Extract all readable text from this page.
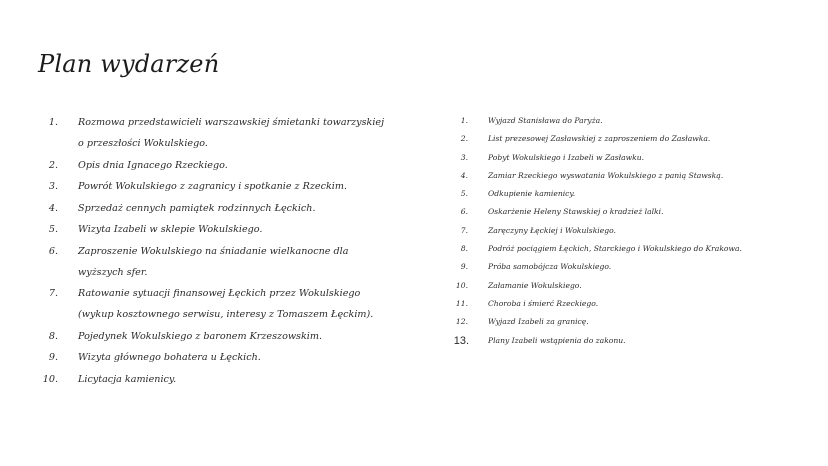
Plan wydarzeń
1.	Rozmowa przedstawicieli warszawskiej śmietanki towarzyskiej o przeszłości Wokulskiego.
2.	Opis dnia Ignacego Rzeckiego.
3.	Powrót Wokulskiego z zagranicy i spotkanie z Rzeckim.
4.	Sprzedaż cennych pamiątek rodzinnych Łęckich.
5.	Wizyta Izabeli w sklepie Wokulskiego.
6.	Zaproszenie Wokulskiego na śniadanie wielkanocne dla wyższych sfer.
7.	Ratowanie sytuacji finansowej Łęckich przez Wokulskiego (wykup kosztownego serwisu, interesy z Tomaszem Łęckim).
8.	Pojedynek Wokulskiego z baronem Krzeszowskim.
9.	Wizyta głównego bohatera u Łęckich.
10.	Licytacja kamienicy.
1.	Wyjazd Stanisława do Paryża.
2.	List prezesowej Zasławskiej z zaproszeniem do Zasławka.
3.	Pobyt Wokulskiego i Izabeli w Zasławku.
4.	Zamiar Rzeckiego wyswatania Wokulskiego z panią Stawską.
5.	Odkupienie kamienicy.
6.	Oskarżenie Heleny Stawskiej o kradzież lalki.
7.	Zaręczyny Łęckiej i Wokulskiego.
8.	Podróż pociągiem Łęckich, Starckiego i Wokulskiego do Krakowa.
9.	Próba samobójcza Wokulskiego.
10.	Załamanie Wokulskiego.
11.	Choroba i śmierć Rzeckiego.
12.	Wyjazd Izabeli za granicę.
13.	Plany Izabeli wstąpienia do zakonu.
